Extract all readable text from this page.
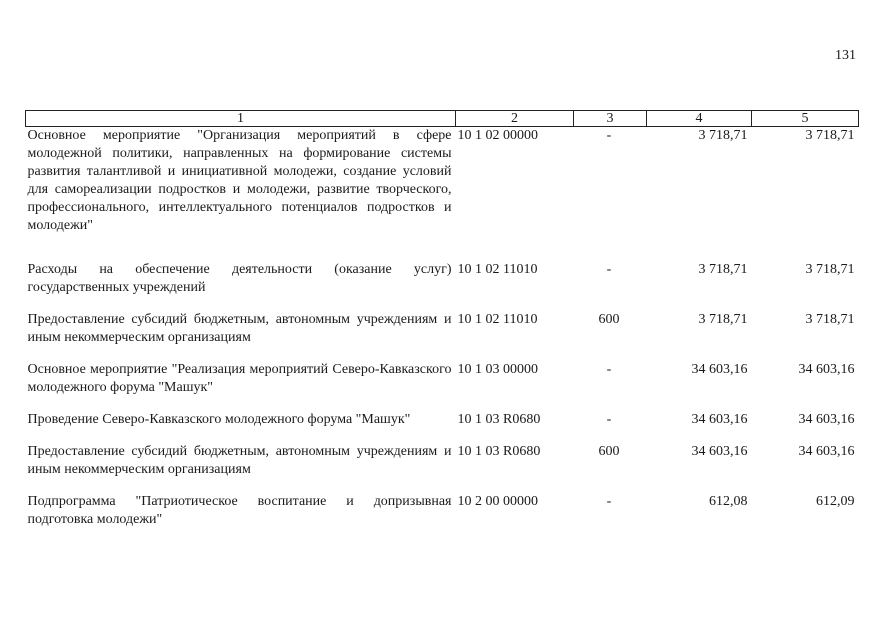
131
1	2	3	4	5
Основное мероприятие "Организация мероприятий в сфере молодежной политики, направленных на формирование системы развития талантливой и инициативной молодежи, создание условий для самореализации подростков и молодежи, развитие творческого, профессионального, интеллектуального потенциалов подростков и молодежи"	10 1 02 00000	-	3 718,71	3 718,71
Расходы на обеспечение деятельности (оказание услуг) государственных учреждений	10 1 02 11010	-	3 718,71	3 718,71
Предоставление субсидий бюджетным, автономным учреждениям и иным некоммерческим организациям	10 1 02 11010	600	3 718,71	3 718,71
Основное мероприятие "Реализация мероприятий Северо-Кавказского молодежного форума "Машук"	10 1 03 00000	-	34 603,16	34 603,16
Проведение Северо-Кавказского молодежного форума "Машук"	10 1 03 R0680	-	34 603,16	34 603,16
Предоставление субсидий бюджетным, автономным учреждениям и иным некоммерческим организациям	10 1 03 R0680	600	34 603,16	34 603,16
Подпрограмма "Патриотическое воспитание и допризывная подготовка молодежи"	10 2 00 00000	-	612,08	612,09
